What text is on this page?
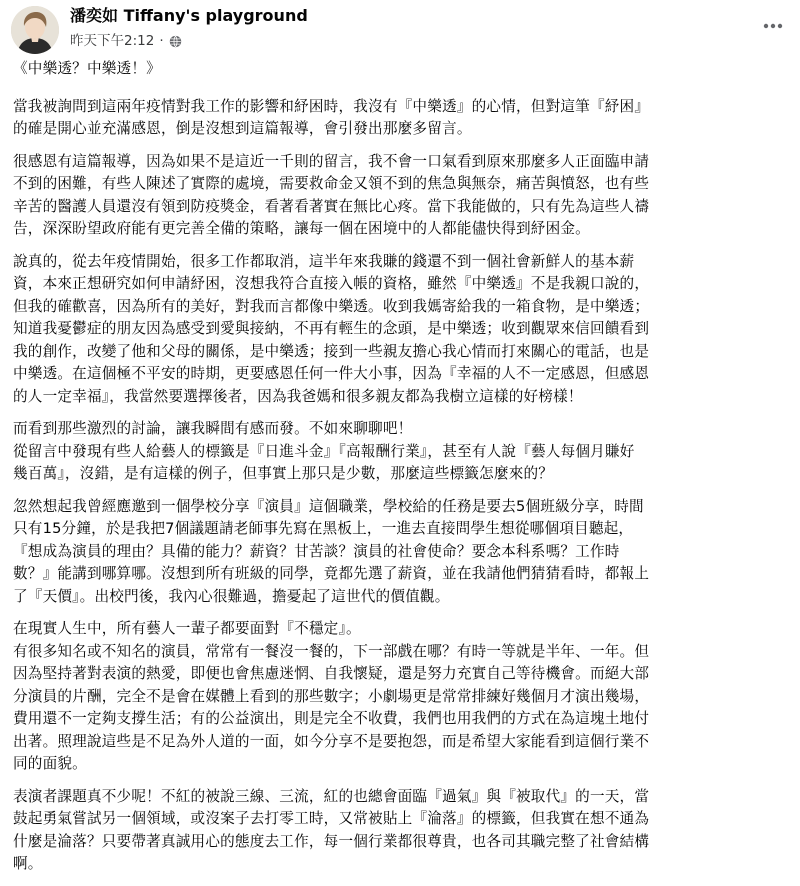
潘奕如 Tiffany's playground
昨天下午2:12 ·

《中樂透？中樂透！》

當我被詢問到這兩年疫情對我工作的影響和紓困時，我沒有『中樂透』的心情，但對這筆『紓困』
的確是開心並充滿感恩，倒是沒想到這篇報導，會引發出那麼多留言。

很感恩有這篇報導，因為如果不是這近一千則的留言，我不會一口氣看到原來那麼多人正面臨申請
不到的困難，有些人陳述了實際的處境，需要救命金又領不到的焦急與無奈，痛苦與憤怒，也有些
辛苦的醫護人員還沒有領到防疫獎金，看著看著實在無比心疼。當下我能做的，只有先為這些人禱
告，深深盼望政府能有更完善全備的策略，讓每一個在困境中的人都能儘快得到紓困金。

說真的，從去年疫情開始，很多工作都取消，這半年來我賺的錢還不到一個社會新鮮人的基本薪
資，本來正想研究如何申請紓困，沒想我符合直接入帳的資格，雖然『中樂透』不是我親口說的，
但我的確歡喜，因為所有的美好，對我而言都像中樂透。收到我媽寄給我的一箱食物，是中樂透；
知道我憂鬱症的朋友因為感受到愛與接納，不再有輕生的念頭，是中樂透；收到觀眾來信回饋看到
我的創作，改變了他和父母的關係，是中樂透；接到一些親友擔心我心情而打來關心的電話，也是
中樂透。在這個極不平安的時期，更要感恩任何一件大小事，因為『幸福的人不一定感恩，但感恩
的人一定幸福』，我當然要選擇後者，因為我爸媽和很多親友都為我樹立這樣的好榜樣！

而看到那些激烈的討論，讓我瞬間有感而發。不如來聊聊吧！
從留言中發現有些人給藝人的標籤是『日進斗金』『高報酬行業』，甚至有人說『藝人每個月賺好
幾百萬』，沒錯，是有這樣的例子，但事實上那只是少數，那麼這些標籤怎麼來的？

忽然想起我曾經應邀到一個學校分享『演員』這個職業，學校給的任務是要去5個班級分享，時間
只有15分鐘，於是我把7個議題請老師事先寫在黑板上，一進去直接問學生想從哪個項目聽起，
『想成為演員的理由？具備的能力？薪資？甘苦談？演員的社會使命？要念本科系嗎？工作時
數？』能講到哪算哪。沒想到所有班級的同學，竟都先選了薪資，並在我請他們猜猜看時，都報上
了『天價』。出校門後，我內心很難過，擔憂起了這世代的價值觀。

在現實人生中，所有藝人一輩子都要面對『不穩定』。
有很多知名或不知名的演員，常常有一餐沒一餐的，下一部戲在哪？有時一等就是半年、一年。但
因為堅持著對表演的熱愛，即便也會焦慮迷惘、自我懷疑，還是努力充實自己等待機會。而絕大部
分演員的片酬，完全不是會在媒體上看到的那些數字；小劇場更是常常排練好幾個月才演出幾場，
費用還不一定夠支撐生活；有的公益演出，則是完全不收費，我們也用我們的方式在為這塊土地付
出著。照理說這些是不足為外人道的一面，如今分享不是要抱怨，而是希望大家能看到這個行業不
同的面貌。

表演者課題真不少呢！不紅的被說三線、三流，紅的也總會面臨『過氣』與『被取代』的一天，當
鼓起勇氣嘗試另一個領域，或沒案子去打零工時，又常被貼上『淪落』的標籤，但我實在想不通為
什麼是淪落？只要帶著真誠用心的態度去工作，每一個行業都很尊貴，也各司其職完整了社會結構
啊。
